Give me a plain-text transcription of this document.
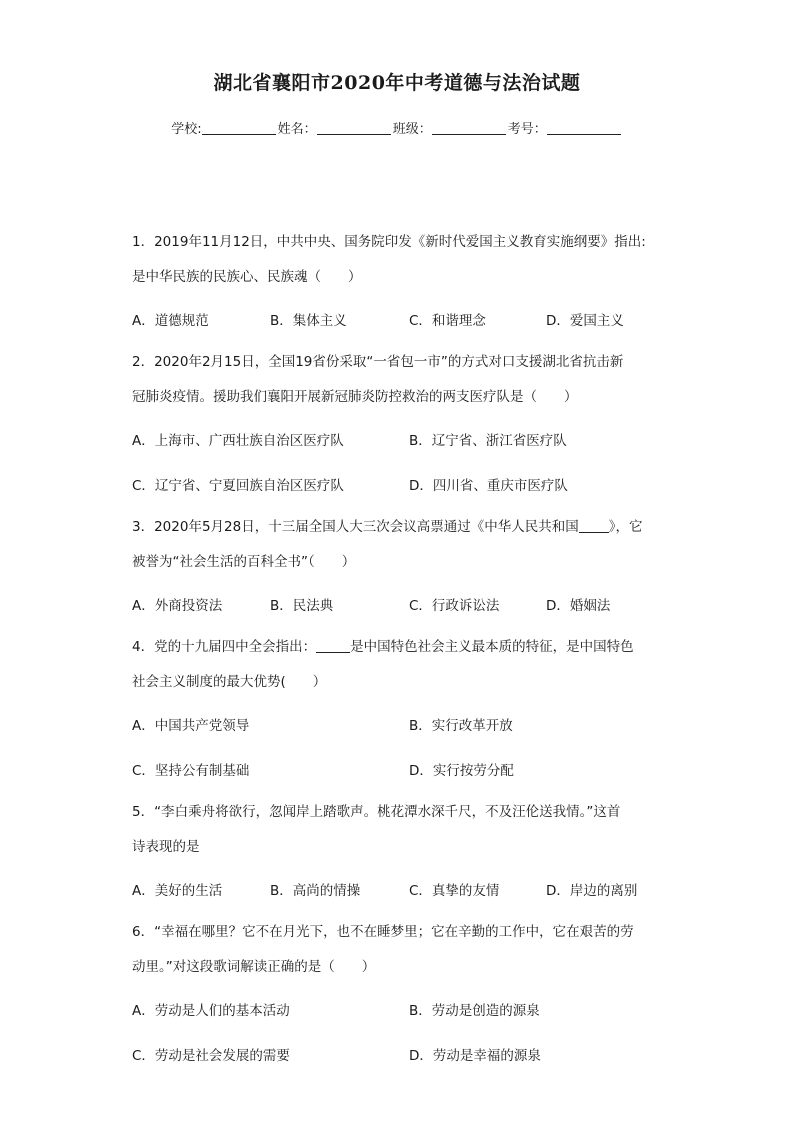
湖北省襄阳市2020年中考道德与法治试题
学校:	姓名：	班级：	考号：
1．2019年11月12日，中共中央、国务院印发《新时代爱国主义教育实施纲要》指出:
是中华民族的民族心、民族魂（　　）
A．道德规范	B．集体主义	C．和谐理念	D．爱国主义
2．2020年2月15日，全国19省份采取“一省包一市”的方式对口支援湖北省抗击新
冠肺炎疫情。援助我们襄阳开展新冠肺炎防控救治的两支医疗队是（　　）
A．上海市、广西壮族自治区医疗队	B．辽宁省、浙江省医疗队
C．辽宁省、宁夏回族自治区医疗队	D．四川省、重庆市医疗队
3．2020年5月28日，十三届全国人大三次会议高票通过《中华人民共和国 》，它
被誉为“社会生活的百科全书”（　　）
A．外商投资法	B．民法典	C．行政诉讼法	D．婚姻法
4．党的十九届四中全会指出：	是中国特色社会主义最本质的特征，是中国特色
社会主义制度的最大优势(　　）
A．中国共产党领导	B．实行改革开放
C．坚持公有制基础	D．实行按劳分配
5．“李白乘舟将欲行，忽闻岸上踏歌声。桃花潭水深千尺，不及汪伦送我情。”这首
诗表现的是
A．美好的生活	B．高尚的情操	C．真挚的友情	D．岸边的离别
6．“幸福在哪里？它不在月光下，也不在睡梦里；它在辛勤的工作中，它在艰苦的劳
动里。”对这段歌词解读正确的是（　　）
A．劳动是人们的基本活动	B．劳动是创造的源泉
C．劳动是社会发展的需要	D．劳动是幸福的源泉
